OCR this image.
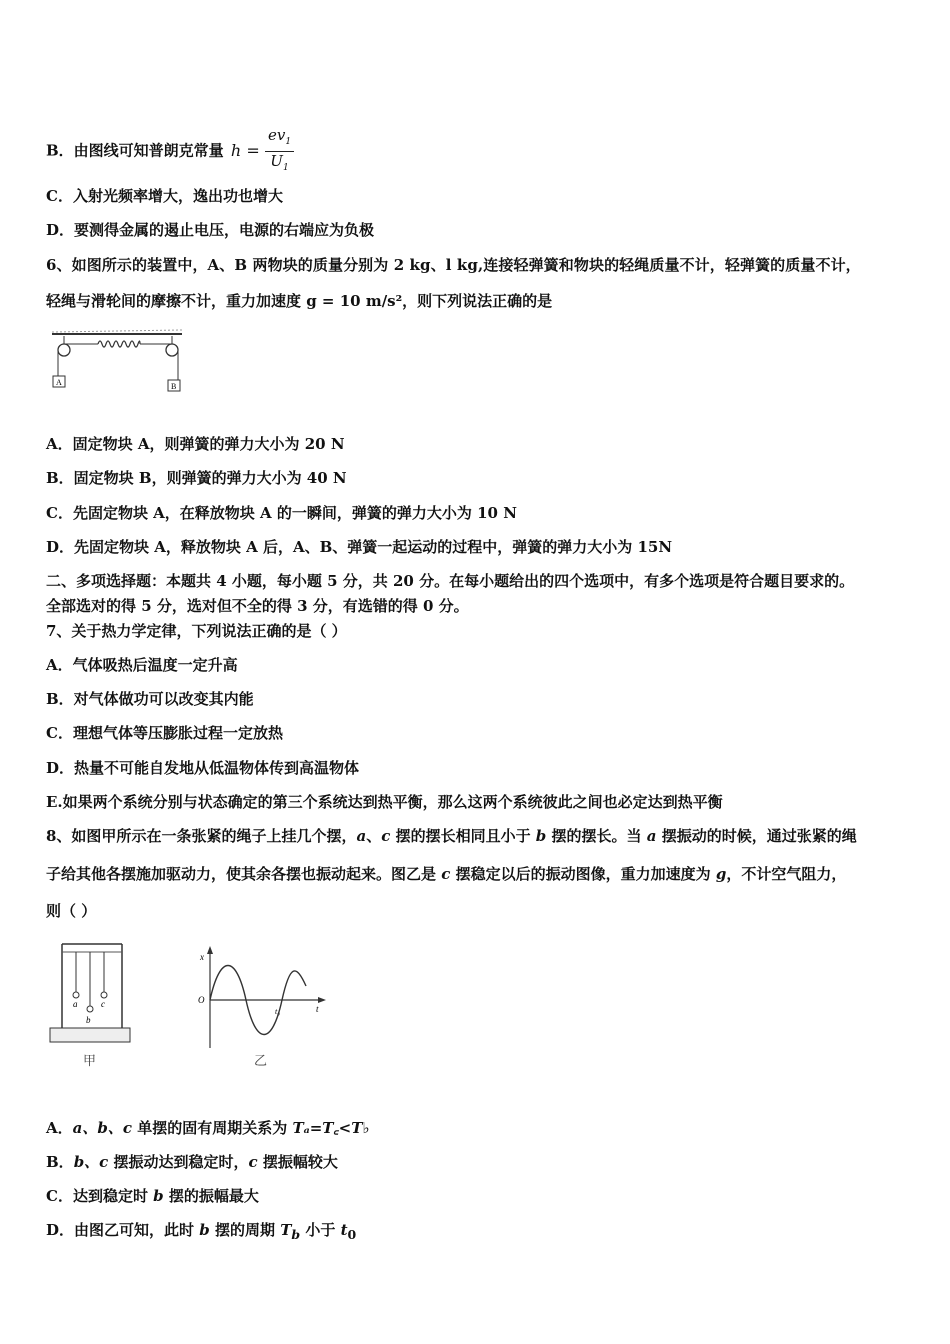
B．由图线可知普朗克常量 $h = \frac{ev_1}{U_1}$
C．入射光频率增大，逸出功也增大
D．要测得金属的遏止电压，电源的右端应为负极
6、如图所示的装置中，A、B 两物块的质量分别为 2 kg、l kg,连接轻弹簧和物块的轻绳质量不计，轻弹簧的质量不计，
轻绳与滑轮间的摩擦不计，重力加速度 g = 10 m/s²，则下列说法正确的是
A	B
A．固定物块 A，则弹簧的弹力大小为 20 N
B．固定物块 B，则弹簧的弹力大小为 40 N
C．先固定物块 A，在释放物块 A 的一瞬间，弹簧的弹力大小为 10 N
D．先固定物块 A，释放物块 A 后，A、B、弹簧一起运动的过程中，弹簧的弹力大小为 15N
二、多项选择题：本题共 4 小题，每小题 5 分，共 20 分。在每小题给出的四个选项中，有多个选项是符合题目要求的。
全部选对的得 5 分，选对但不全的得 3 分，有选错的得 0 分。
7、关于热力学定律，下列说法正确的是（ ）
A．气体吸热后温度一定升高
B．对气体做功可以改变其内能
C．理想气体等压膨胀过程一定放热
D．热量不可能自发地从低温物体传到高温物体
E.如果两个系统分别与状态确定的第三个系统达到热平衡，那么这两个系统彼此之间也必定达到热平衡
8、如图甲所示在一条张紧的绳子上挂几个摆，a、c 摆的摆长相同且小于 b 摆的摆长。当 a 摆振动的时候，通过张紧的绳
子给其他各摆施加驱动力，使其余各摆也振动起来。图乙是 c 摆稳定以后的振动图像，重力加速度为 g，不计空气阻力，
则（ ）
a
b
c
甲
x
O
t
t₀
乙
A．a、b、c 单摆的固有周期关系为 Tₐ=T꜀<T♭
B．b、c 摆振动达到稳定时，c 摆振幅较大
C．达到稳定时 b 摆的振幅最大
D．由图乙可知，此时 b 摆的周期 $T_b$ 小于 $t_0$
